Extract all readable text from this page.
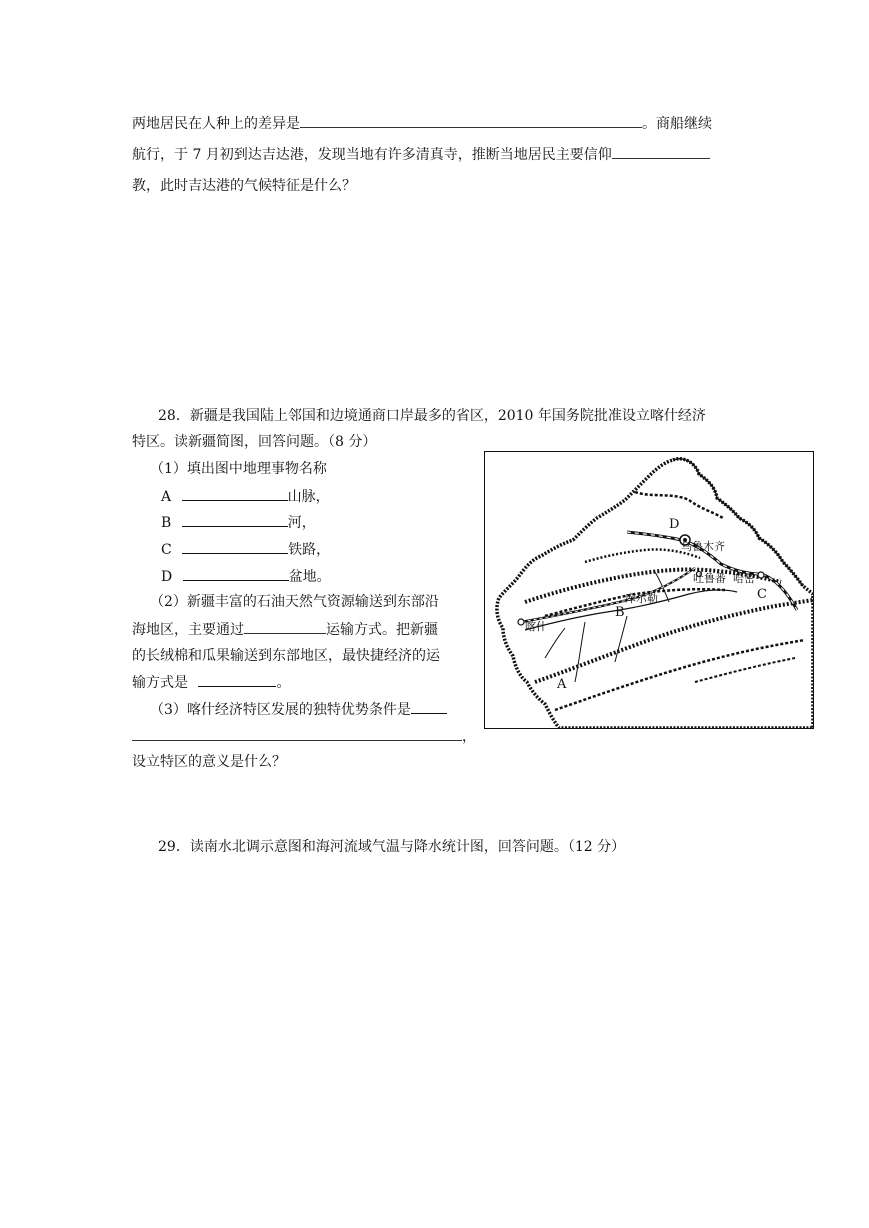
两地居民在人种上的差异是	。商船继续
航行，于 7 月初到达吉达港，发现当地有许多清真寺，推断当地居民主要信仰
教，此时吉达港的气候特征是什么？
28．新疆是我国陆上邻国和边境通商口岸最多的省区，2010 年国务院批准设立喀什经济
特区。读新疆简图，回答问题。（8 分）
（1）填出图中地理事物名称
A	山脉，
B	河，
C	铁路，
D	盆地。
（2）新疆丰富的石油天然气资源输送到东部沿
海地区，主要通过	运输方式。把新疆
的长绒棉和瓜果输送到东部地区，最快捷经济的运
输方式是	。
（3）喀什经济特区发展的独特优势条件是
，
设立特区的意义是什么？
D
乌鲁木齐
吐鲁番 哈密
库尔勒
喀什
A
B
C
29．读南水北调示意图和海河流域气温与降水统计图，回答问题。（12 分）
